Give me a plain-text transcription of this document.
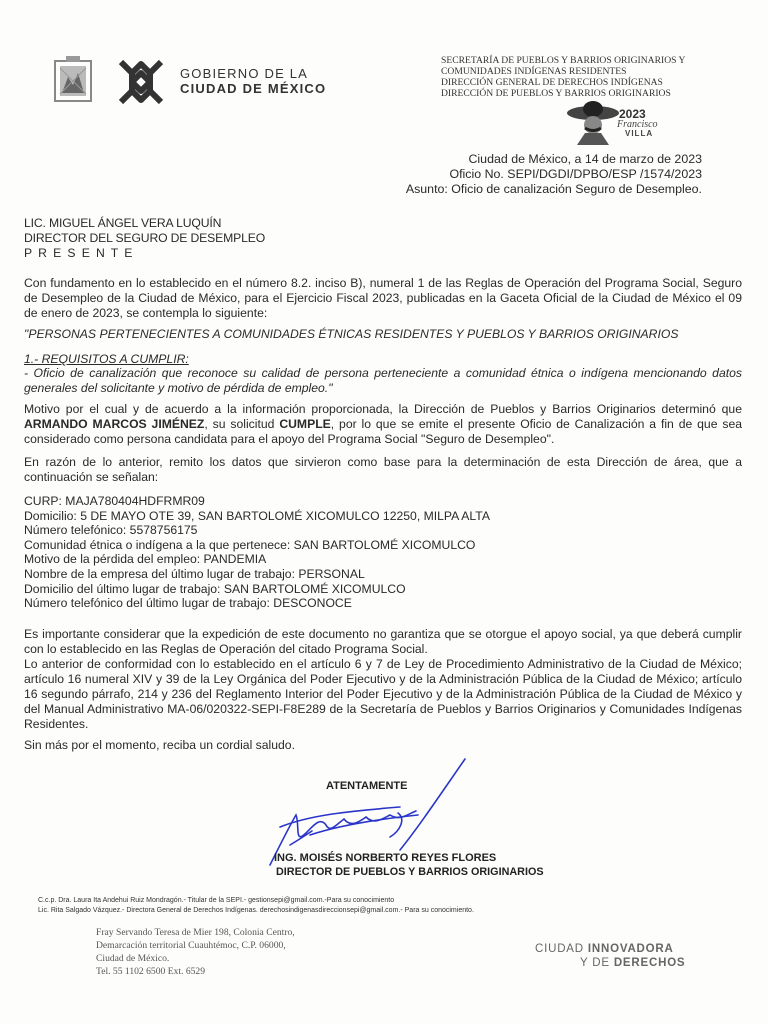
GOBIERNO DE LA
CIUDAD DE MÉXICO
SECRETARÍA DE PUEBLOS Y BARRIOS ORIGINARIOS Y
COMUNIDADES INDÍGENAS RESIDENTES
DIRECCIÓN GENERAL DE DERECHOS INDÍGENAS
DIRECCIÓN DE PUEBLOS Y BARRIOS ORIGINARIOS
2023
Francisco
VILLA
Ciudad de México, a 14 de marzo de 2023
Oficio No. SEPI/DGDI/DPBO/ESP /1574/2023
Asunto: Oficio de canalización Seguro de Desempleo.
LIC. MIGUEL ÁNGEL VERA LUQUÍN
DIRECTOR DEL SEGURO DE DESEMPLEO
P R E S E N T E

Con fundamento en lo establecido en el número 8.2. inciso B), numeral 1 de las Reglas de Operación del Programa Social, Seguro de Desempleo de la Ciudad de México, para el Ejercicio Fiscal 2023, publicadas en la Gaceta Oficial de la Ciudad de México el 09 de enero de 2023, se contempla lo siguiente:

"PERSONAS PERTENECIENTES A COMUNIDADES ÉTNICAS RESIDENTES Y PUEBLOS Y BARRIOS ORIGINARIOS

1.- REQUISITOS A CUMPLIR:

- Oficio de canalización que reconoce su calidad de persona perteneciente a comunidad étnica o indígena mencionando datos generales del solicitante y motivo de pérdida de empleo."

Motivo por el cual y de acuerdo a la información proporcionada, la Dirección de Pueblos y Barrios Originarios determinó que ARMANDO MARCOS JIMÉNEZ, su solicitud CUMPLE, por lo que se emite el presente Oficio de Canalización a fin de que sea considerado como persona candidata para el apoyo del Programa Social "Seguro de Desempleo".

En razón de lo anterior, remito los datos que sirvieron como base para la determinación de esta Dirección de área, que a continuación se señalan:

CURP: MAJA780404HDFRMR09
Domicilio: 5 DE MAYO OTE 39, SAN BARTOLOMÉ XICOMULCO 12250, MILPA ALTA
Número telefónico: 5578756175
Comunidad étnica o indígena a la que pertenece: SAN BARTOLOMÉ XICOMULCO
Motivo de la pérdida del empleo: PANDEMIA
Nombre de la empresa del último lugar de trabajo: PERSONAL
Domicilio del último lugar de trabajo: SAN BARTOLOMÉ XICOMULCO
Número telefónico del último lugar de trabajo: DESCONOCE

Es importante considerar que la expedición de este documento no garantiza que se otorgue el apoyo social, ya que deberá cumplir con lo establecido en las Reglas de Operación del citado Programa Social.

Lo anterior de conformidad con lo establecido en el artículo 6 y 7 de Ley de Procedimiento Administrativo de la Ciudad de México; artículo 16 numeral XIV y 39 de la Ley Orgánica del Poder Ejecutivo y de la Administración Pública de la Ciudad de México; artículo 16 segundo párrafo, 214 y 236 del Reglamento Interior del Poder Ejecutivo y de la Administración Pública de la Ciudad de México y del Manual Administrativo MA-06/020322-SEPI-F8E289 de la Secretaría de Pueblos y Barrios Originarios y Comunidades Indígenas Residentes.

Sin más por el momento, reciba un cordial saludo.

ATENTAMENTE
ING. MOISÉS NORBERTO REYES FLORES
DIRECTOR DE PUEBLOS Y BARRIOS ORIGINARIOS
C.c.p. Dra. Laura Ita Andehui Ruiz Mondragón.- Titular de la SEPI.- gestionsepi@gmail.com.-Para su conocimiento
Lic. Rita Salgado Vázquez.- Directora General de Derechos Indígenas. derechosindigenasdireccionsepi@gmail.com.- Para su conocimiento.
Fray Servando Teresa de Mier 198, Colonia Centro,
Demarcación territorial Cuauhtémoc, C.P. 06000,
Ciudad de México.
Tel. 55 1102 6500 Ext. 6529
CIUDAD INNOVADORA
Y DE DERECHOS
